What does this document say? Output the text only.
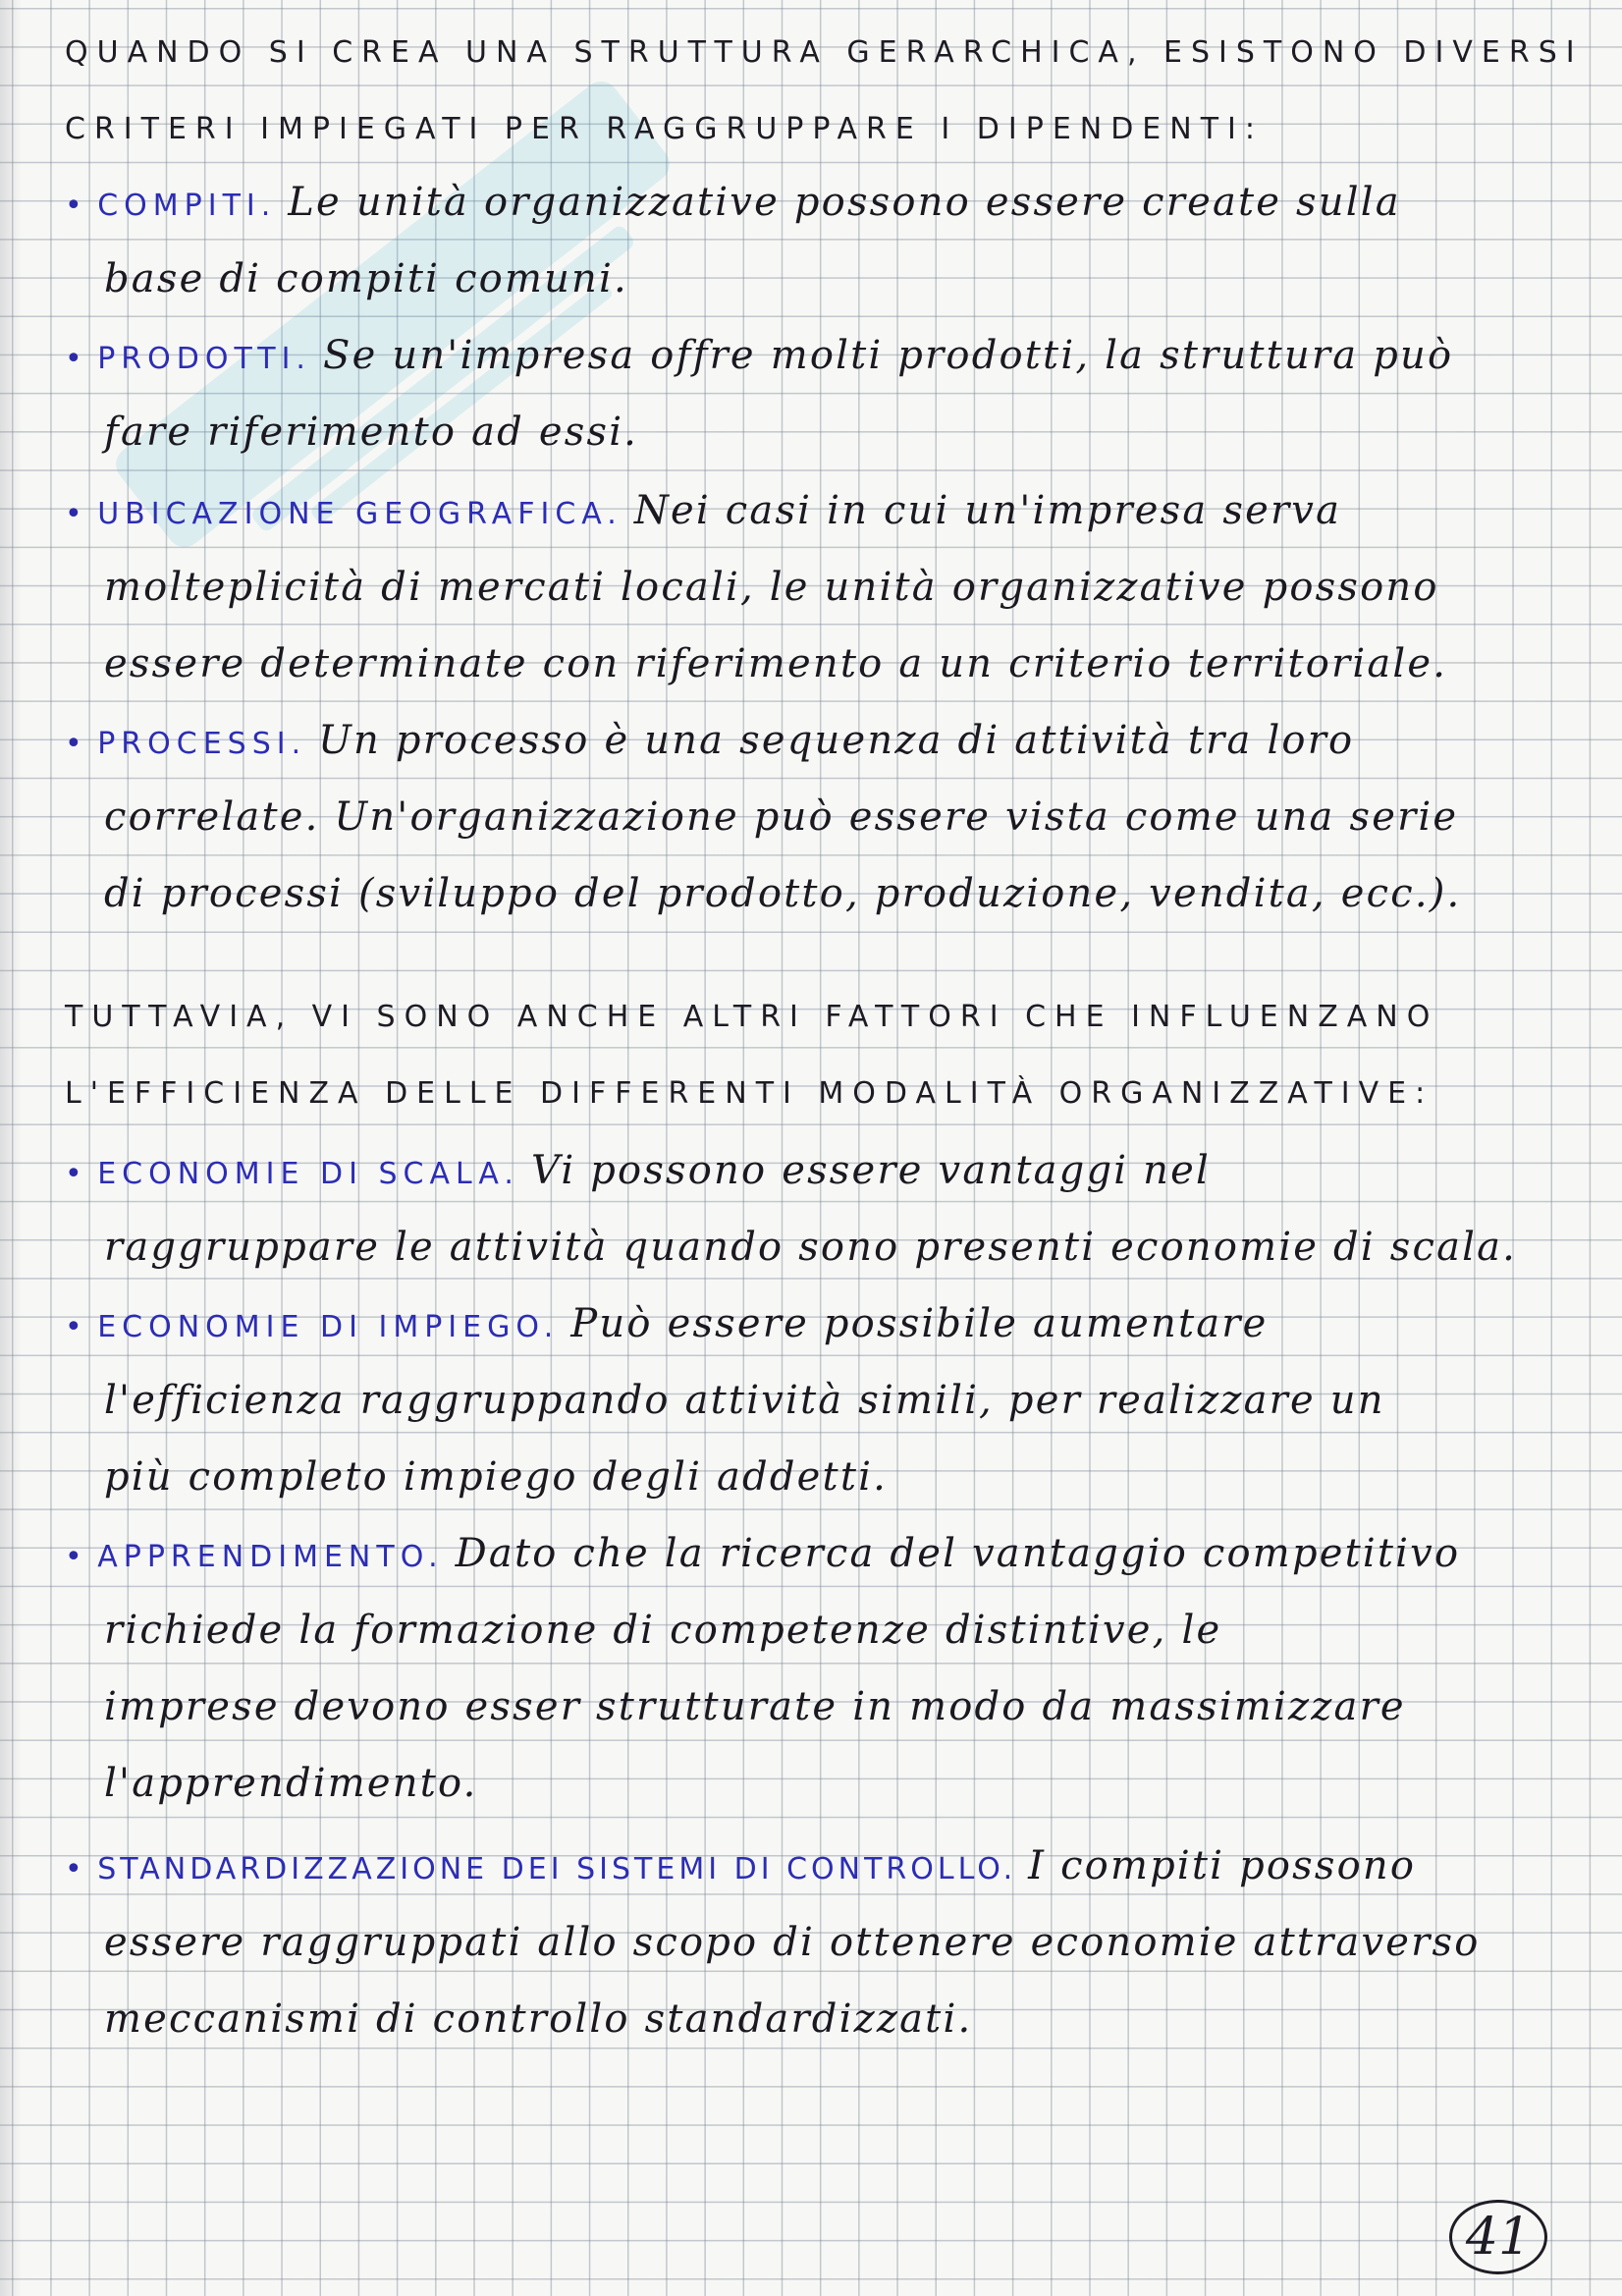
QUANDO SI CREA UNA STRUTTURA GERARCHICA, ESISTONO DIVERSI
CRITERI IMPIEGATI PER RAGGRUPPARE I DIPENDENTI:
• COMPITI. Le unità organizzative possono essere create sulla
base di compiti comuni.
• PRODOTTI. Se un'impresa offre molti prodotti, la struttura può
fare riferimento ad essi.
• UBICAZIONE GEOGRAFICA. Nei casi in cui un'impresa serva
molteplicità di mercati locali, le unità organizzative possono
essere determinate con riferimento a un criterio territoriale.
• PROCESSI. Un processo è una sequenza di attività tra loro
correlate. Un'organizzazione può essere vista come una serie
di processi (sviluppo del prodotto, produzione, vendita, ecc.).
TUTTAVIA, VI SONO ANCHE ALTRI FATTORI CHE INFLUENZANO
L'EFFICIENZA DELLE DIFFERENTI MODALITÀ ORGANIZZATIVE:
• ECONOMIE DI SCALA. Vi possono essere vantaggi nel
raggruppare le attività quando sono presenti economie di scala.
• ECONOMIE DI IMPIEGO. Può essere possibile aumentare
l'efficienza raggruppando attività simili, per realizzare un
più completo impiego degli addetti.
• APPRENDIMENTO. Dato che la ricerca del vantaggio competitivo
richiede la formazione di competenze distintive, le
imprese devono esser strutturate in modo da massimizzare
l'apprendimento.
• STANDARDIZZAZIONE DEI SISTEMI DI CONTROLLO. I compiti possono
essere raggruppati allo scopo di ottenere economie attraverso
meccanismi di controllo standardizzati.
41
